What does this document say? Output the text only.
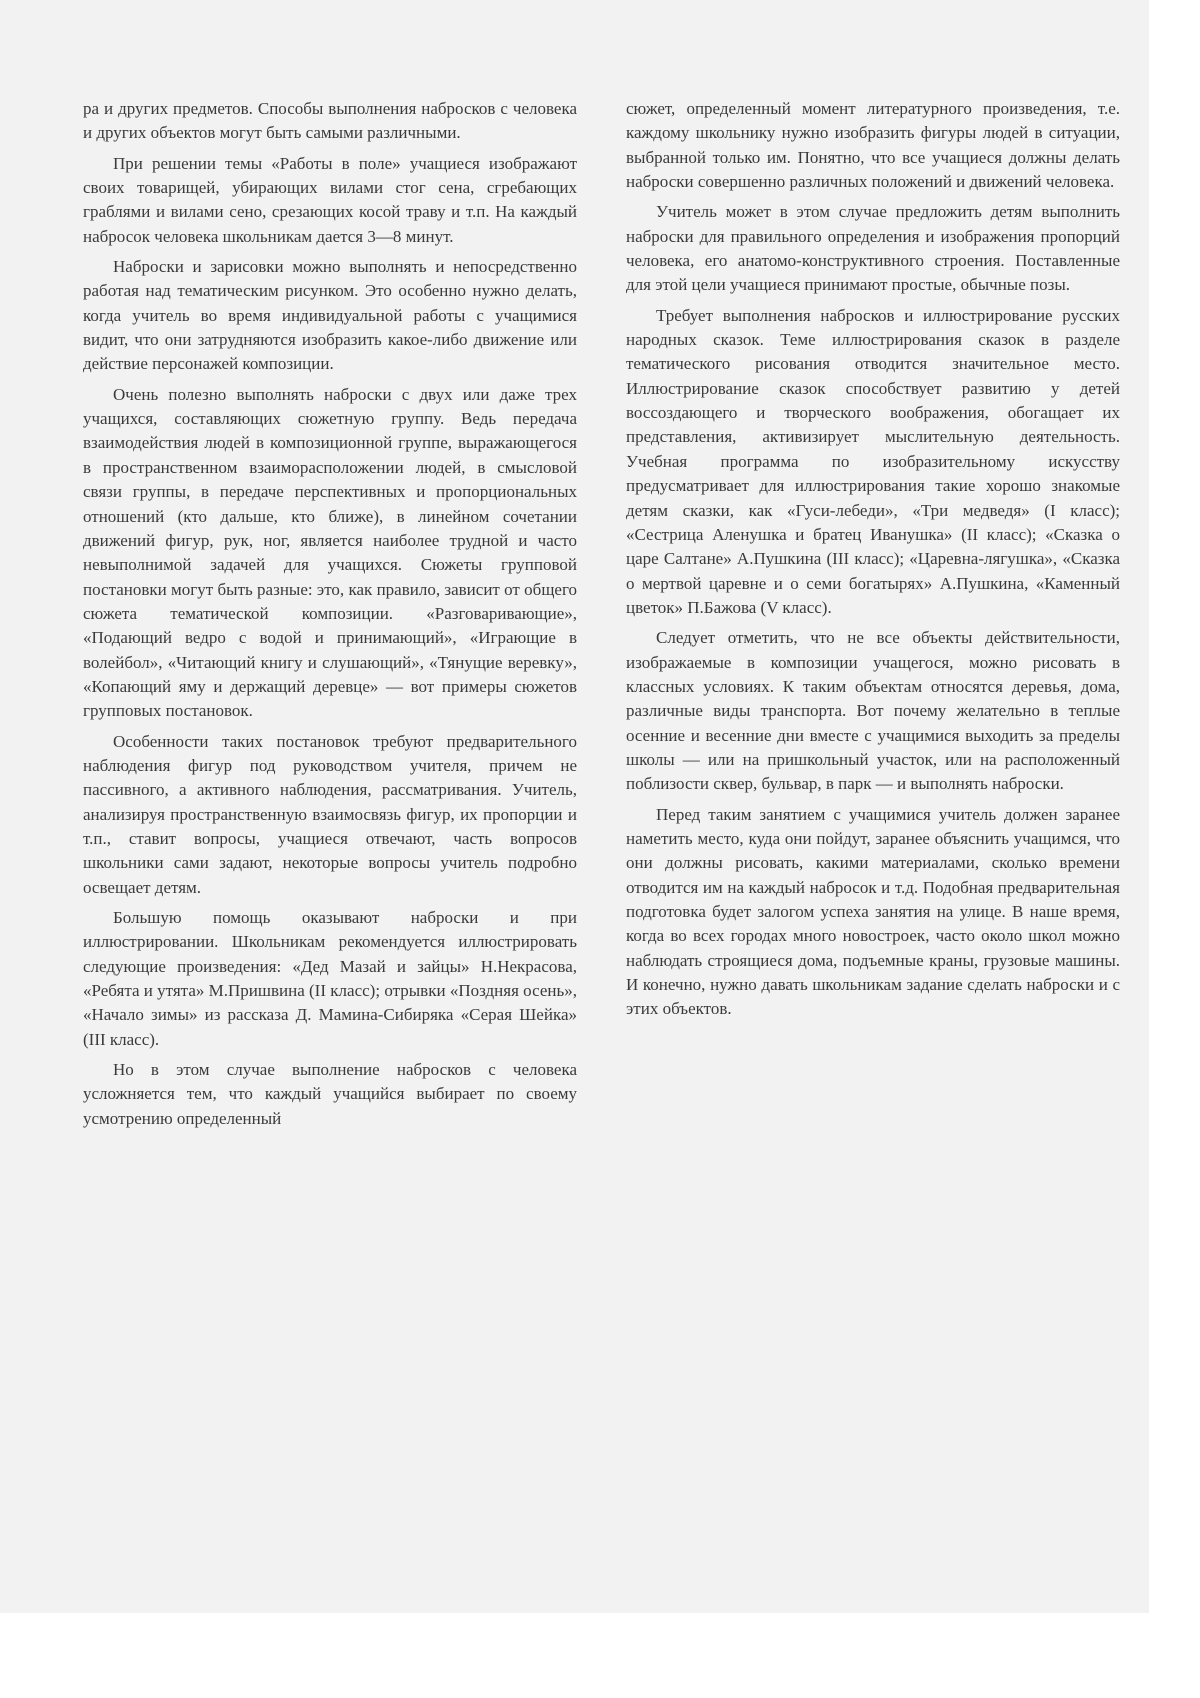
ра и других предметов. Способы выполнения набросков с человека и других объектов могут быть самыми различными.

При решении темы «Работы в поле» учащиеся изображают своих товарищей, убирающих вилами стог сена, сгребающих граблями и вилами сено, срезающих косой траву и т.п. На каждый набросок человека школьникам дается 3—8 минут.

Наброски и зарисовки можно выполнять и непосредственно работая над тематическим рисунком. Это особенно нужно делать, когда учитель во время индивидуальной работы с учащимися видит, что они затрудняются изобразить какое-либо движение или действие персонажей композиции.

Очень полезно выполнять наброски с двух или даже трех учащихся, составляющих сюжетную группу. Ведь передача взаимодействия людей в композиционной группе, выражающегося в пространственном взаиморасположении людей, в смысловой связи группы, в передаче перспективных и пропорциональных отношений (кто дальше, кто ближе), в линейном сочетании движений фигур, рук, ног, является наиболее трудной и часто невыполнимой задачей для учащихся. Сюжеты групповой постановки могут быть разные: это, как правило, зависит от общего сюжета тематической композиции. «Разговаривающие», «Подающий ведро с водой и принимающий», «Играющие в волейбол», «Читающий книгу и слушающий», «Тянущие веревку», «Копающий яму и держащий деревце» — вот примеры сюжетов групповых постановок.

Особенности таких постановок требуют предварительного наблюдения фигур под руководством учителя, причем не пассивного, а активного наблюдения, рассматривания. Учитель, анализируя пространственную взаимосвязь фигур, их пропорции и т.п., ставит вопросы, учащиеся отвечают, часть вопросов школьники сами задают, некоторые вопросы учитель подробно освещает детям.

Большую помощь оказывают наброски и при иллюстрировании. Школьникам рекомендуется иллюстрировать следующие произведения: «Дед Мазай и зайцы» Н.Некрасова, «Ребята и утята» М.Пришвина (II класс); отрывки «Поздняя осень», «Начало зимы» из рассказа Д. Мамина-Сибиряка «Серая Шейка» (III класс).

Но в этом случае выполнение набросков с человека усложняется тем, что каждый учащийся выбирает по своему усмотрению определенный

сюжет, определенный момент литературного произведения, т.е. каждому школьнику нужно изобразить фигуры людей в ситуации, выбранной только им. Понятно, что все учащиеся должны делать наброски совершенно различных положений и движений человека.

Учитель может в этом случае предложить детям выполнить наброски для правильного определения и изображения пропорций человека, его анатомо-конструктивного строения. Поставленные для этой цели учащиеся принимают простые, обычные позы.

Требует выполнения набросков и иллюстрирование русских народных сказок. Теме иллюстрирования сказок в разделе тематического рисования отводится значительное место. Иллюстрирование сказок способствует развитию у детей воссоздающего и творческого воображения, обогащает их представления, активизирует мыслительную деятельность. Учебная программа по изобразительному искусству предусматривает для иллюстрирования такие хорошо знакомые детям сказки, как «Гуси-лебеди», «Три медведя» (I класс); «Сестрица Аленушка и братец Иванушка» (II класс); «Сказка о царе Салтане» А.Пушкина (III класс); «Царевна-лягушка», «Сказка о мертвой царевне и о семи богатырях» А.Пушкина, «Каменный цветок» П.Бажова (V класс).

Следует отметить, что не все объекты действительности, изображаемые в композиции учащегося, можно рисовать в классных условиях. К таким объектам относятся деревья, дома, различные виды транспорта. Вот почему желательно в теплые осенние и весенние дни вместе с учащимися выходить за пределы школы — или на пришкольный участок, или на расположенный поблизости сквер, бульвар, в парк — и выполнять наброски.

Перед таким занятием с учащимися учитель должен заранее наметить место, куда они пойдут, заранее объяснить учащимся, что они должны рисовать, какими материалами, сколько времени отводится им на каждый набросок и т.д. Подобная предварительная подготовка будет залогом успеха занятия на улице. В наше время, когда во всех городах много новостроек, часто около школ можно наблюдать строящиеся дома, подъемные краны, грузовые машины. И конечно, нужно давать школьникам задание сделать наброски и с этих объектов.
